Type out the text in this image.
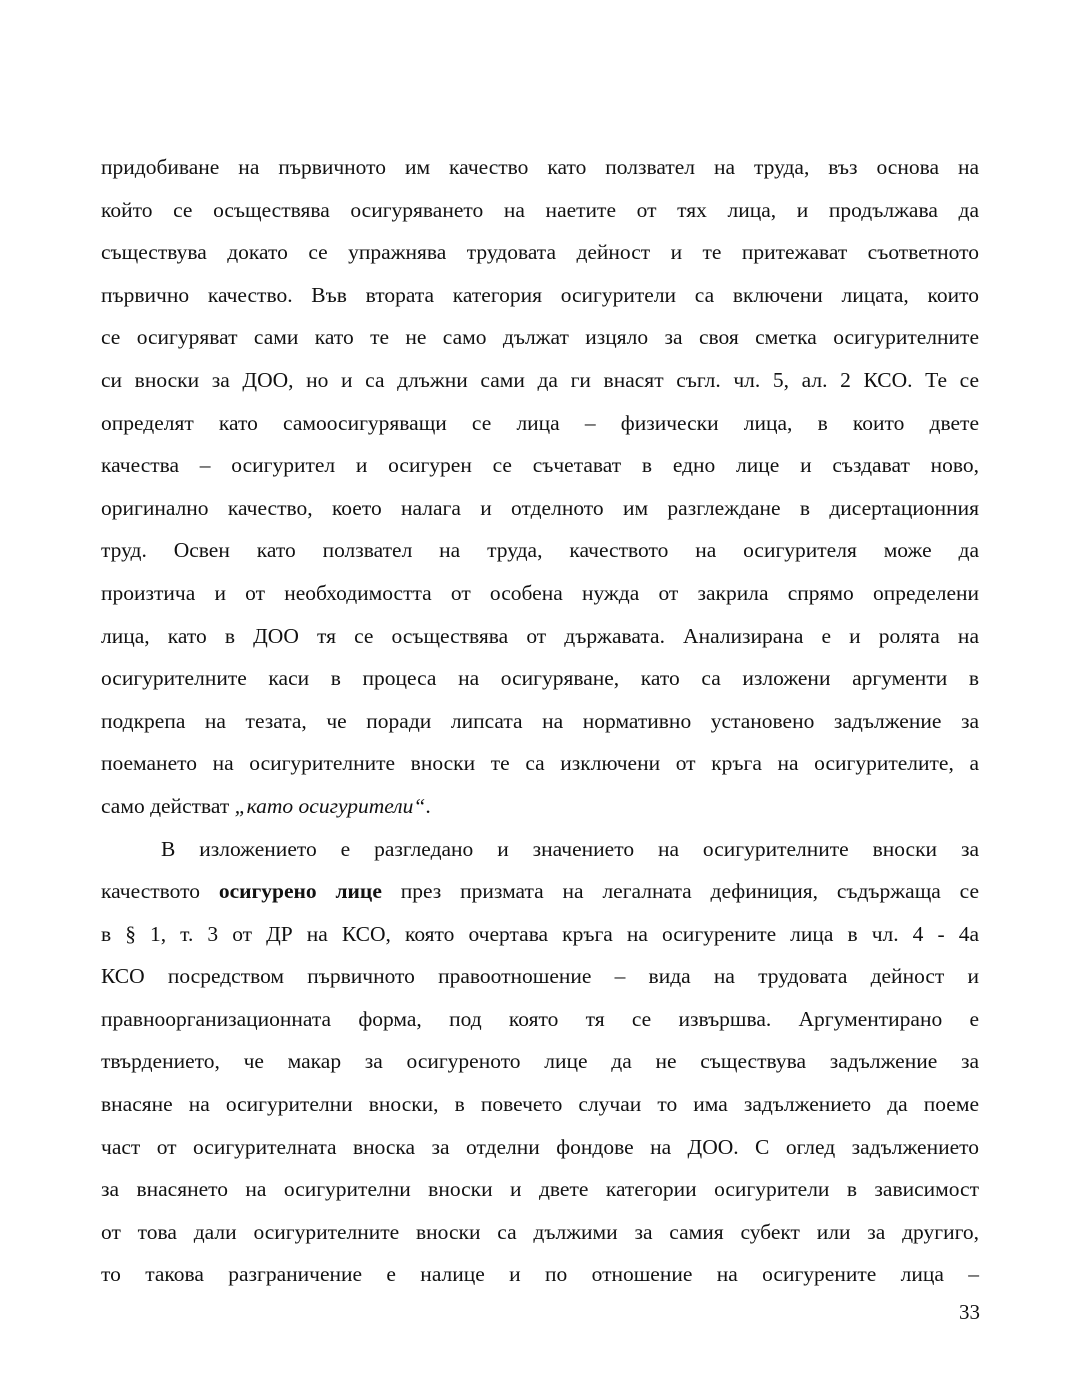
придобиване на първичното им качество като ползвател на труда, въз основа на
който се осъществява осигуряването на наетите от тях лица, и продължава да
съществува докато се упражнява трудовата дейност и те притежават съответното
първично качество. Във втората категория осигурители са включени лицата, които
се осигуряват сами като те не само дължат изцяло за своя сметка осигурителните
си вноски за ДОО, но и са длъжни сами да ги внасят съгл. чл. 5, ал. 2 КСО. Те се
определят като самоосигуряващи се лица – физически лица, в които двете
качества – осигурител и осигурен се съчетават в едно лице и създават ново,
оригинално качество, което налага и отделното им разглеждане в дисертационния
труд. Освен като ползвател на труда, качеството на осигурителя може да
произтича и от необходимостта от особена нужда от закрила спрямо определени
лица, като в ДОО тя се осъществява от държавата. Анализирана е и ролята на
осигурителните каси в процеса на осигуряване, като са изложени аргументи в
подкрепа на тезата, че поради липсата на нормативно установено задължение за
поемането на осигурителните вноски те са изключени от кръга на осигурителите, а
само действат „като осигурители“.
В изложението е разгледано и значението на осигурителните вноски за
качеството осигурено лице през призмата на легалната дефиниция, съдържаща се
в § 1, т. 3 от ДР на КСО, която очертава кръга на осигурените лица в чл. 4 - 4а
КСО посредством първичното правоотношение – вида на трудовата дейност и
правноорганизационната форма, под която тя се извършва. Аргументирано е
твърдението, че макар за осигуреното лице да не съществува задължение за
внасяне на осигурителни вноски, в повечето случаи то има задължението да поеме
част от осигурителната вноска за отделни фондове на ДОО. С оглед задължението
за внасянето на осигурителни вноски и двете категории осигурители в зависимост
от това дали осигурителните вноски са дължими за самия субект или за другиго,
то такова разграничение е налице и по отношение на осигурените лица –
33
